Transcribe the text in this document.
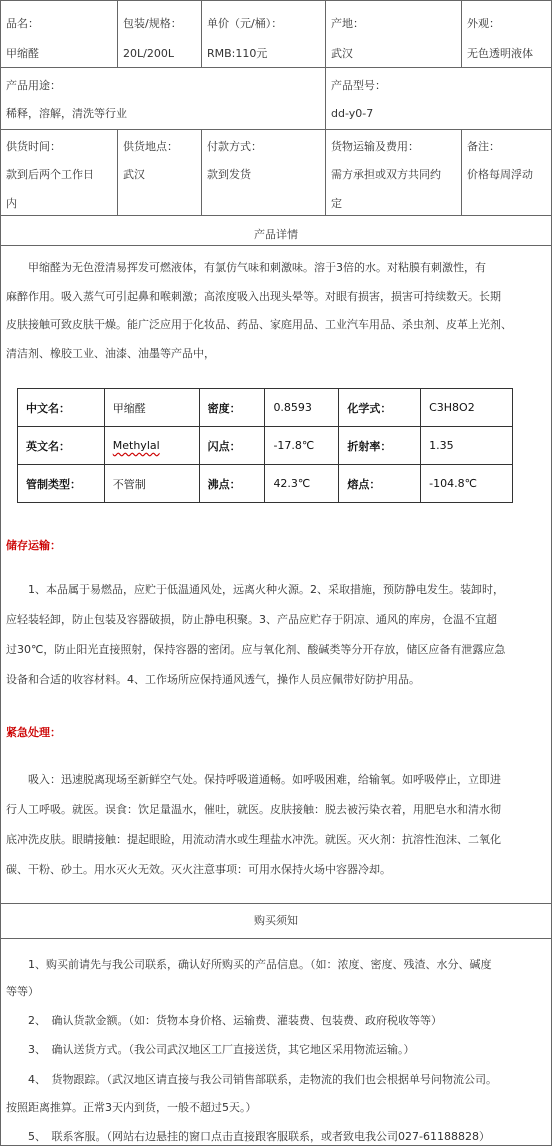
品名：
甲缩醛
包装/规格：
20L/200L
单价（元/桶）：
RMB:110元
产地：
武汉
外观：
无色透明液体
产品用途：
稀释，溶解，清洗等行业
产品型号：
dd-y0-7
供货时间：
款到后两个工作日
内
供货地点：
武汉
付款方式：
款到发货
货物运输及费用：
需方承担或双方共同约
定
备注：
价格每周浮动
产品详情
　　甲缩醛为无色澄清易挥发可燃液体，有氯仿气味和刺激味。溶于3倍的水。对粘膜有刺激性，有
麻醉作用。吸入蒸气可引起鼻和喉刺激；高浓度吸入出现头晕等。对眼有损害，损害可持续数天。长期
皮肤接触可致皮肤干燥。能广泛应用于化妆品、药品、家庭用品、工业汽车用品、杀虫剂、皮革上光剂、
清洁剂、橡胶工业、油漆、油墨等产品中，
中文名：	甲缩醛	密度：	0.8593	化学式：	C3H8O2
英文名：	Methylal	闪点：	-17.8℃	折射率：	1.35
管制类型：	不管制	沸点：	42.3℃	熔点：	-104.8℃
储存运输：
　　1、本品属于易燃品，应贮于低温通风处，远离火种火源。2、采取措施，预防静电发生。装卸时，
应轻装轻卸，防止包装及容器破损，防止静电积聚。3、产品应贮存于阴凉、通风的库房，仓温不宜超
过30℃，防止阳光直接照射，保持容器的密闭。应与氧化剂、酸碱类等分开存放，储区应备有泄露应急
设备和合适的收容材料。4、工作场所应保持通风透气，操作人员应佩带好防护用品。
紧急处理：
　　吸入：迅速脱离现场至新鲜空气处。保持呼吸道通畅。如呼吸困难，给输氧。如呼吸停止，立即进
行人工呼吸。就医。误食：饮足量温水，催吐，就医。皮肤接触：脱去被污染衣着，用肥皂水和清水彻
底冲洗皮肤。眼睛接触：提起眼睑，用流动清水或生理盐水冲洗。就医。灭火剂：抗溶性泡沫、二氧化
碳、干粉、砂土。用水灭火无效。灭火注意事项：可用水保持火场中容器冷却。
购买须知
　　1、购买前请先与我公司联系，确认好所购买的产品信息。（如：浓度、密度、残渣、水分、碱度
等等）
　　2、　确认货款金额。（如：货物本身价格、运输费、灌装费、包装费、政府税收等等）
　　3、　确认送货方式。（我公司武汉地区工厂直接送货，其它地区采用物流运输。）
　　4、　货物跟踪。（武汉地区请直接与我公司销售部联系，走物流的我们也会根据单号问物流公司。
按照距离推算。正常3天内到货，一般不超过5天。）
　　5、　联系客服。（网站右边悬挂的窗口点击直接跟客服联系，或者致电我公司027-61188828）
